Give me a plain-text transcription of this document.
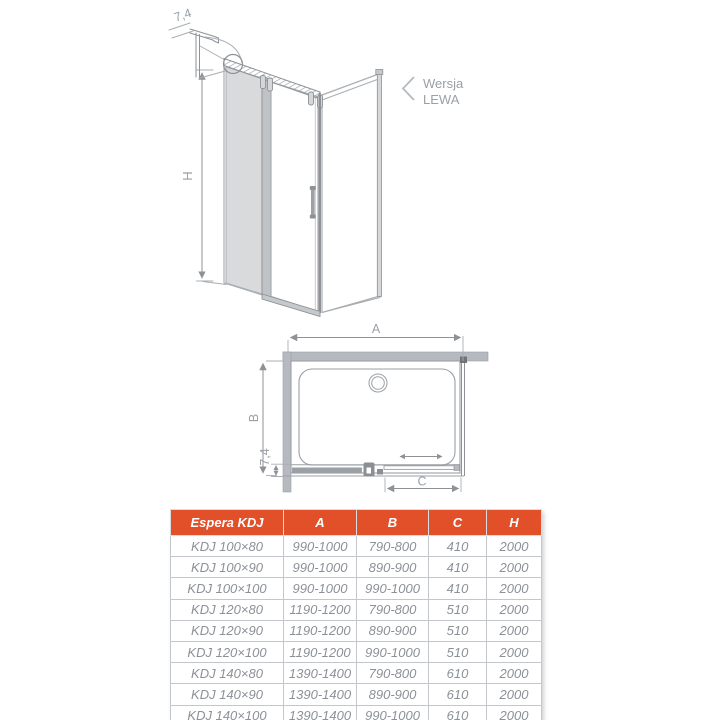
H
7,4
Wersja
LEWA
A
B
7,4
C
Espera KDJ	A	B	C	H
KDJ 100×80	990-1000	790-800	410	2000
KDJ 100×90	990-1000	890-900	410	2000
KDJ 100×100	990-1000	990-1000	410	2000
KDJ 120×80	1190-1200	790-800	510	2000
KDJ 120×90	1190-1200	890-900	510	2000
KDJ 120×100	1190-1200	990-1000	510	2000
KDJ 140×80	1390-1400	790-800	610	2000
KDJ 140×90	1390-1400	890-900	610	2000
KDJ 140×100	1390-1400	990-1000	610	2000
